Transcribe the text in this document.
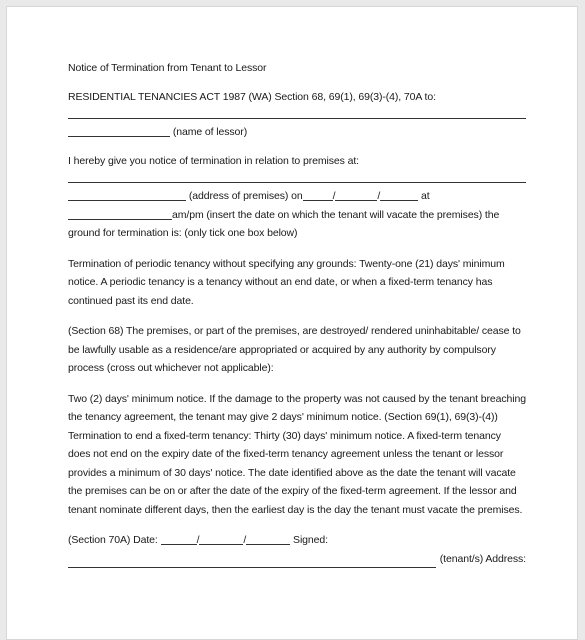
Notice of Termination from Tenant to Lessor

RESIDENTIAL TENANCIES ACT 1987 (WA) Section 68, 69(1), 69(3)-(4), 70A to:

(name of lessor)

I hereby give you notice of termination in relation to premises at:

(address of premises) on	/	/	at

am/pm (insert the date on which the tenant will vacate the premises) the

ground for termination is: (only tick one box below)

Termination of periodic tenancy without specifying any grounds: Twenty-one (21) days' minimum notice. A periodic tenancy is a tenancy without an end date, or when a fixed-term tenancy has continued past its end date.

(Section 68) The premises, or part of the premises, are destroyed/ rendered uninhabitable/ cease to be lawfully usable as a residence/are appropriated or acquired by any authority by compulsory process (cross out whichever not applicable):

Two (2) days' minimum notice. If the damage to the property was not caused by the tenant breaching the tenancy agreement, the tenant may give 2 days' minimum notice. (Section 69(1), 69(3)-(4)) Termination to end a fixed-term tenancy: Thirty (30) days' minimum notice. A fixed-term tenancy does not end on the expiry date of the fixed-term tenancy agreement unless the tenant or lessor provides a minimum of 30 days' notice. The date identified above as the date the tenant will vacate the premises can be on or after the date of the expiry of the fixed-term agreement. If the lessor and tenant nominate different days, then the earliest day is the day the tenant must vacate the premises.

(Section 70A) Date:	/	/	Signed:

(tenant/s) Address:
